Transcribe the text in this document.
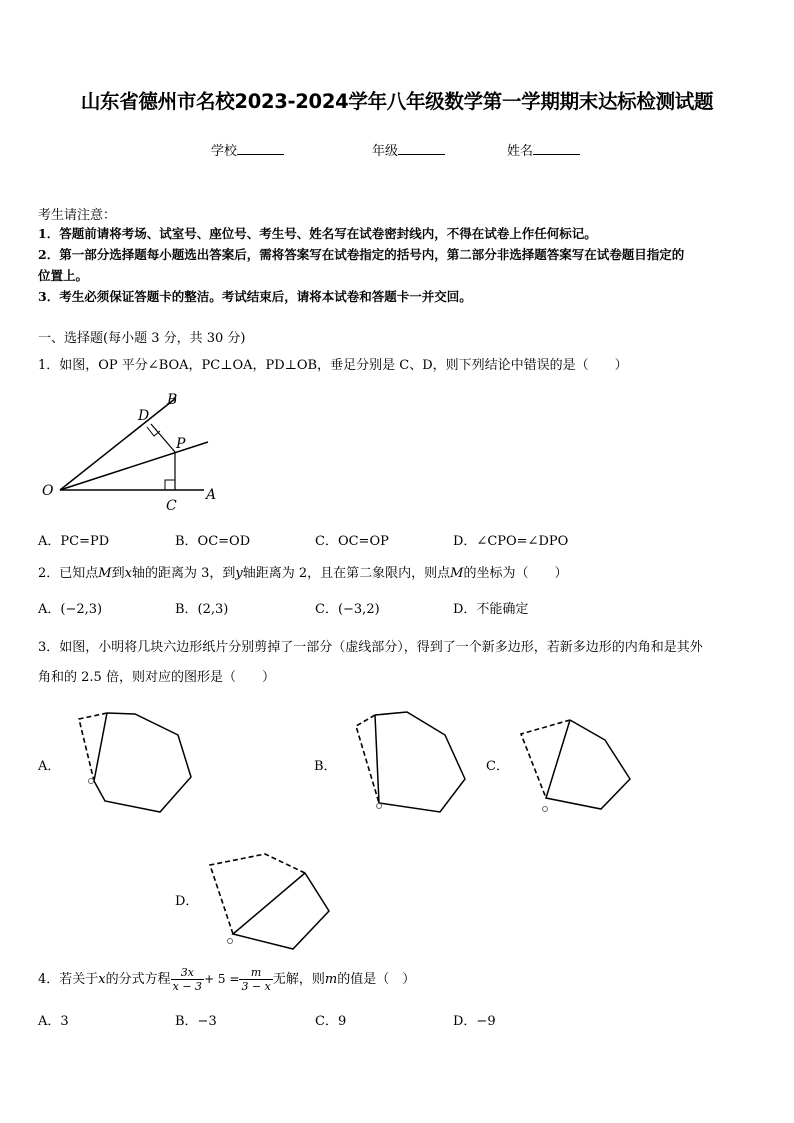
山东省德州市名校2023-2024学年八年级数学第一学期期末达标检测试题
学校	年级	姓名
考生请注意：
1．答题前请将考场、试室号、座位号、考生号、姓名写在试卷密封线内，不得在试卷上作任何标记。
2．第一部分选择题每小题选出答案后，需将答案写在试卷指定的括号内，第二部分非选择题答案写在试卷题目指定的
位置上。
3．考生必须保证答题卡的整洁。考试结束后，请将本试卷和答题卡一并交回。
一、选择题(每小题 3 分，共 30 分)
1．如图，OP 平分∠BOA，PC⊥OA，PD⊥OB，垂足分别是 C、D，则下列结论中错误的是（　　）
O	A
B
C
D
P
A．PC=PD	B．OC=OD	C．OC=OP	D．∠CPO=∠DPO
2．已知点M到x轴的距离为 3，到y轴距离为 2，且在第二象限内，则点M的坐标为（　　）
A．(−2,3)	B．(2,3)	C．(−3,2)	D．不能确定
3．如图，小明将几块六边形纸片分别剪掉了一部分（虚线部分），得到了一个新多边形，若新多边形的内角和是其外
角和的 2.5 倍，则对应的图形是（　　）
A．	B．	C．
D．
4．若关于x的分式方程 $\frac{3x}{x - 3} + 5 = \frac{m}{3 - x}$ 无解，则m的值是（　）
A．3	B．−3	C．9	D．−9
